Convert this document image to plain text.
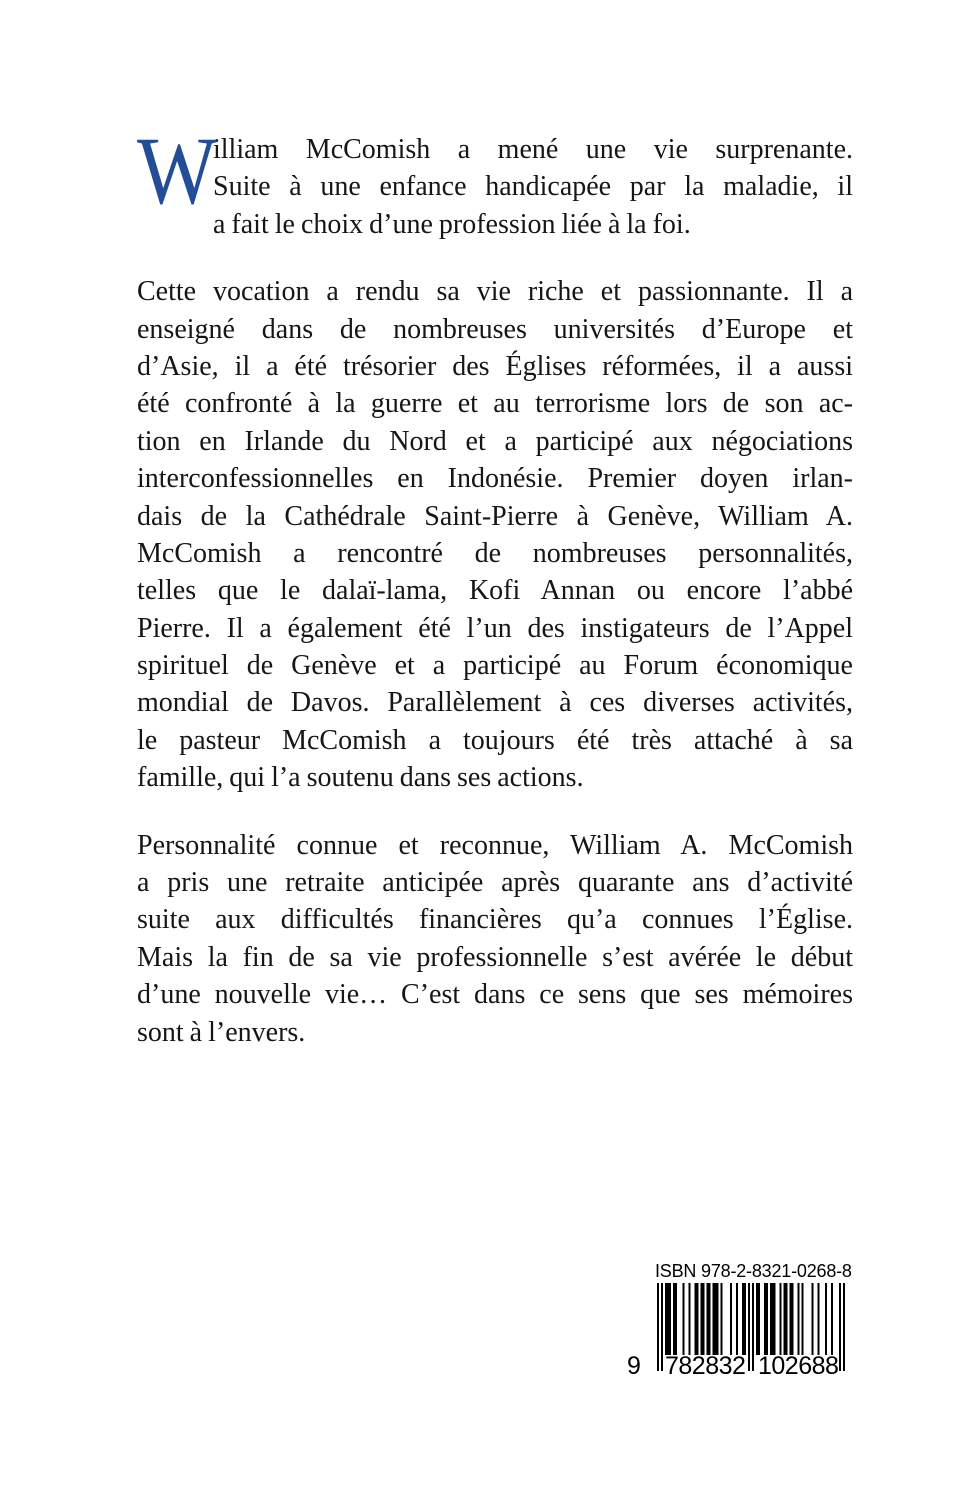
W
illiam McComish a mené une vie surprenante.
Suite à une enfance handicapée par la maladie, il
a fait le choix d’une profession liée à la foi.
Cette vocation a rendu sa vie riche et passionnante. Il a
enseigné dans de nombreuses universités d’Europe et
d’Asie, il a été trésorier des Églises réformées, il a aussi
été confronté à la guerre et au terrorisme lors de son ac-
tion en Irlande du Nord et a participé aux négociations
interconfessionnelles en Indonésie. Premier doyen irlan-
dais de la Cathédrale Saint-Pierre à Genève, William A.
McComish a rencontré de nombreuses personnalités,
telles que le dalaï-lama, Kofi Annan ou encore l’abbé
Pierre. Il a également été l’un des instigateurs de l’Appel
spirituel de Genève et a participé au Forum économique
mondial de Davos. Parallèlement à ces diverses activités,
le pasteur McComish a toujours été très attaché à sa
famille, qui l’a soutenu dans ses actions.
Personnalité connue et reconnue, William A. McComish
a pris une retraite anticipée après quarante ans d’activité
suite aux difficultés financières qu’a connues l’Église.
Mais la fin de sa vie professionnelle s’est avérée le début
d’une nouvelle vie… C’est dans ce sens que ses mémoires
sont à l’envers.
ISBN 978-2-8321-0268-8
9 782832 102688
